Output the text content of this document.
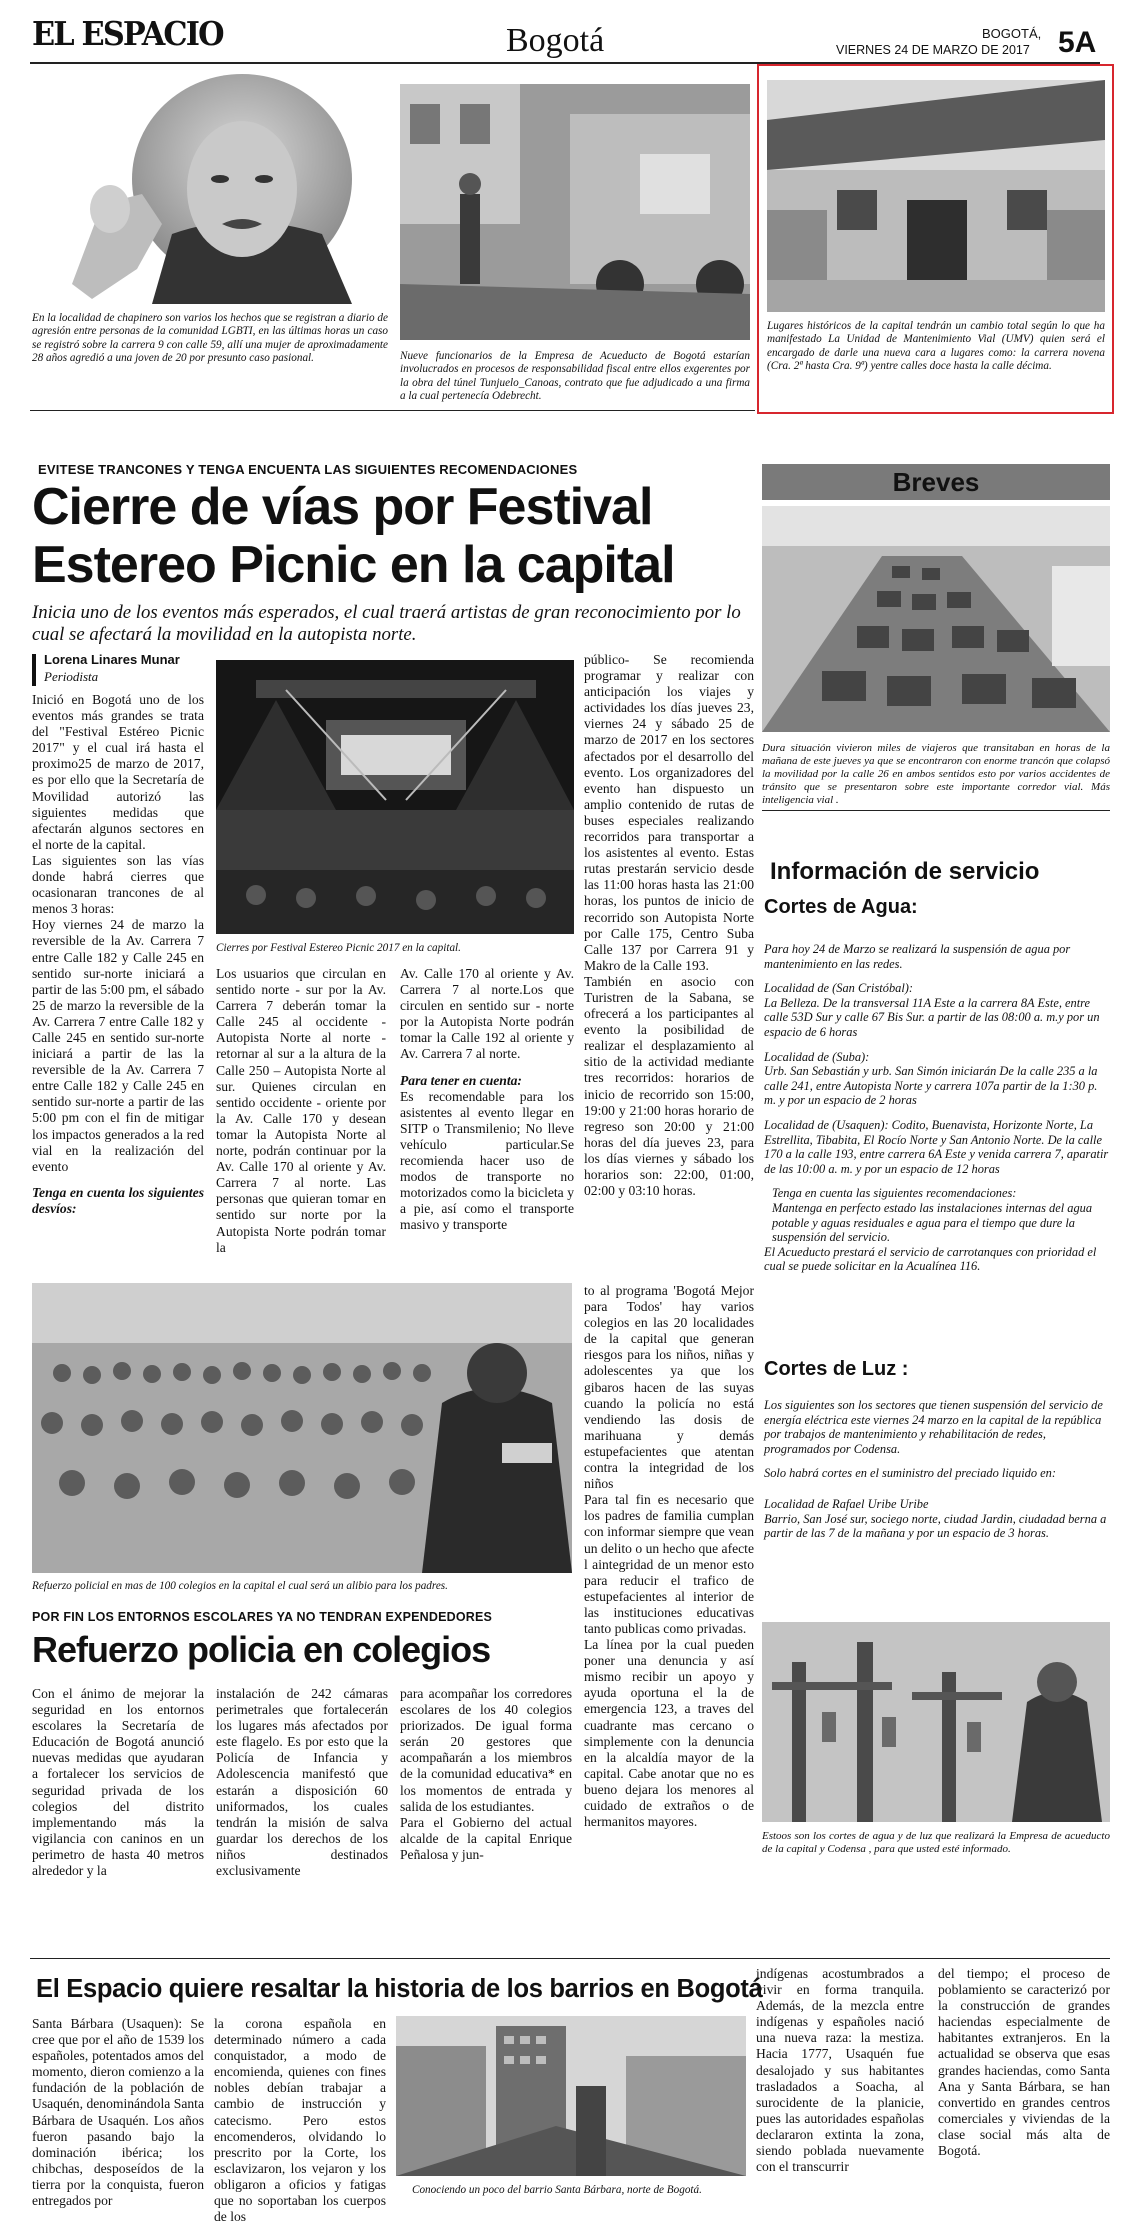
EL ESPACIO	Bogotá	BOGOTÁ,
VIERNES 24 DE MARZO DE 2017 5A
En la localidad de chapinero son varios los hechos que se registran a diario de agresión entre personas de la comunidad LGBTI, en las últimas horas un caso se registró sobre la carrera 9 con calle 59, allí una mujer de aproximadamente 28 años agredió a una joven de 20 por presunto caso pasional.	Nueve funcionarios de la Empresa de Acueducto de Bogotá estarían involucrados en procesos de responsabilidad fiscal entre ellos exgerentes por la obra del túnel Tunjuelo_Canoas, contrato que fue adjudicado a una firma a la cual pertenecía Odebrecht.
Lugares históricos de la capital tendrán un cambio total según lo que ha manifestado La Unidad de Mantenimiento Vial (UMV) quien será el encargado de darle una nueva cara a lugares como: la carrera novena (Cra. 2ª hasta Cra. 9ª) yentre calles doce hasta la calle décima.
EVITESE TRANCONES Y TENGA ENCUENTA LAS SIGUIENTES RECOMENDACIONES
Cierre de vías por Festival
Estereo Picnic en la capital
Inicia uno de los eventos más esperados, el cual traerá artistas de gran reconocimiento por lo cual se afectará la movilidad en la autopista norte.
Lorena Linares Munar
Periodista

Inició en Bogotá uno de los eventos más grandes se trata del "Festival Estéreo Picnic 2017" y el cual irá hasta el proximo25 de marzo de 2017, es por ello que la Secretaría de Movilidad autorizó las siguientes medidas que afectarán algunos sectores en el norte de la capital.

Las siguientes son las vías donde habrá cierres que ocasionaran trancones de al menos 3 horas:

Hoy viernes 24 de marzo la reversible de la Av. Carrera 7 entre Calle 182 y Calle 245 en sentido sur-norte iniciará a partir de las 5:00 pm, el sábado 25 de marzo la reversible de la Av. Carrera 7 entre Calle 182 y Calle 245 en sentido sur-norte iniciará a partir de las la reversible de la Av. Carrera 7 entre Calle 182 y Calle 245 en sentido sur-norte a partir de las 5:00 pm con el fin de mitigar los impactos generados a la red vial en la realización del evento

Tenga en cuenta los siguientes desvíos:

Cierres por Festival Estereo Picnic 2017 en la capital.

Los usuarios que circulan en sentido norte - sur por la Av. Carrera 7 deberán tomar la Calle 245 al occidente - Autopista Norte al norte - retornar al sur a la altura de la Calle 250 – Autopista Norte al sur. Quienes circulan en sentido occidente - oriente por la Av. Calle 170 y desean tomar la Autopista Norte al norte, podrán continuar por la Av. Calle 170 al oriente y Av. Carrera 7 al norte. Las personas que quieran tomar en sentido sur norte por la Autopista Norte podrán tomar la

Av. Calle 170 al oriente y Av. Carrera 7 al norte.Los que circulen en sentido sur - norte por la Autopista Norte podrán tomar la Calle 192 al oriente y Av. Carrera 7 al norte.

Para tener en cuenta:

Es recomendable para los asistentes al evento llegar en SITP o Transmilenio; No lleve vehículo particular.Se recomienda hacer uso de modos de transporte no motorizados como la bicicleta y a pie, así como el transporte masivo y transporte

público- Se recomienda programar y realizar con anticipación los viajes y actividades los días jueves 23, viernes 24 y sábado 25 de marzo de 2017 en los sectores afectados por el desarrollo del evento. Los organizadores del evento han dispuesto un amplio contenido de rutas de buses especiales realizando recorridos para transportar a los asistentes al evento. Estas rutas prestarán servicio desde las 11:00 horas hasta las 21:00 horas, los puntos de inicio de recorrido son Autopista Norte por Calle 175, Centro Suba Calle 137 por Carrera 91 y Makro de la Calle 193.

También en asocio con Turistren de la Sabana, se ofrecerá a los participantes al evento la posibilidad de realizar el desplazamiento al sitio de la actividad mediante tres recorridos: horarios de inicio de recorrido son 15:00, 19:00 y 21:00 horas horario de regreso son 20:00 y 21:00 horas del día jueves 23, para los días viernes y sábado los horarios son: 22:00, 01:00, 02:00 y 03:10 horas.

Refuerzo policial en mas de 100 colegios en la capital el cual será un alibio para los padres.
POR FIN LOS ENTORNOS ESCOLARES YA NO TENDRAN EXPENDEDORES
Refuerzo policia en colegios

Con el ánimo de mejorar la seguridad en los entornos escolares la Secretaría de Educación de Bogotá anunció nuevas medidas que ayudaran a fortalecer los servicios de seguridad privada de los colegios del distrito implementando más la vigilancia con caninos en un perimetro de hasta 40 metros alrededor y la

instalación de 242 cámaras perimetrales que fortalecerán los lugares más afectados por este flagelo. Es por esto que la Policía de Infancia y Adolescencia manifestó que estarán a disposición 60 uniformados, los cuales tendrán la misión de salva guardar los derechos de los niños destinados exclusivamente

para acompañar los corredores escolares de los 40 colegios priorizados. De igual forma serán 20 gestores que acompañarán a los miembros de la comunidad educativa* en los momentos de entrada y salida de los estudiantes.

Para el Gobierno del actual alcalde de la capital Enrique Peñalosa y jun-

to al programa 'Bogotá Mejor para Todos' hay varios colegios en las 20 localidades de la capital que generan riesgos para los niños, niñas y adolescentes ya que los gibaros hacen de las suyas cuando la policía no está vendiendo las dosis de marihuana y demás estupefacientes que atentan contra la integridad de los niños

Para tal fin es necesario que los padres de familia cumplan con informar siempre que vean un delito o un hecho que afecte l aintegridad de un menor esto para reducir el trafico de estupefacientes al interior de las instituciones educativas tanto publicas como privadas.

La línea por la cual pueden poner una denuncia y así mismo recibir un apoyo y ayuda oportuna el la de emergencia 123, a traves del cuadrante mas cercano o simplemente con la denuncia en la alcaldía mayor de la capital. Cabe anotar que no es bueno dejara los menores al cuidado de extraños o de hermanitos mayores.

Breves
Dura situación vivieron miles de viajeros que transitaban en horas de la mañana de este jueves ya que se encontraron con enorme trancón que colapsó la movilidad por la calle 26 en ambos sentidos esto por varios accidentes de tránsito que se presentaron sobre este importante corredor vial. Más inteligencia vial .
Información de servicio
Cortes de Agua:

Para hoy 24 de Marzo se realizará la suspensión de agua por mantenimiento en las redes.

Localidad de (San Cristóbal):

La Belleza. De la transversal 11A Este a la carrera 8A Este, entre calle 53D Sur y calle 67 Bis Sur. a partir de las 08:00 a. m.y por un espacio de 6 horas

Localidad de (Suba):

Urb. San Sebastián y urb. San Simón iniciarán De la calle 235 a la calle 241, entre Autopista Norte y carrera 107a partir de la 1:30 p. m. y por un espacio de 2 horas

Localidad de (Usaquen): Codito, Buenavista, Horizonte Norte, La Estrellita, Tibabita, El Rocío Norte y San Antonio Norte. De la calle 170 a la calle 193, entre carrera 6A Este y venida carrera 7, aparatir de las 10:00 a. m. y por un espacio de 12 horas

Tenga en cuenta las siguientes recomendaciones:

Mantenga en perfecto estado las instalaciones internas del agua potable y aguas residuales e agua para el tiempo que dure la suspensión del servicio.

El Acueducto prestará el servicio de carrotanques con prioridad el cual se puede solicitar en la Acualínea 116.

Cortes de Luz :

Los siguientes son los sectores que tienen suspensión del servicio de energía eléctrica este viernes 24 marzo en la capital de la república por trabajos de mantenimiento y rehabilitación de redes, programados por Codensa.

Solo habrá cortes en el suministro del preciado liquido en:

Localidad de Rafael Uribe Uribe

Barrio, San José sur, sociego norte, ciudad Jardin, ciudadad berna a partir de las 7 de la mañana y por un espacio de 3 horas.

Estoos son los cortes de agua y de luz que realizará la Empresa de acueducto de la capital y Codensa , para que usted esté informado.
El Espacio quiere resaltar la historia de los barrios en Bogotá

Santa Bárbara (Usaquen): Se cree que por el año de 1539 los españoles, potentados amos del momento, dieron comienzo a la fundación de la población de Usaquén, denominándola Santa Bárbara de Usaquén. Los años fueron pasando bajo la dominación ibérica; los chibchas, desposeídos de la tierra por la conquista, fueron entregados por

la corona española en determinado número a cada conquistador, a modo de encomienda, quienes con fines nobles debían trabajar a cambio de instrucción y catecismo. Pero estos encomenderos, olvidando lo prescrito por la Corte, los esclavizaron, los vejaron y los obligaron a oficios y fatigas que no soportaban los cuerpos de los

Conociendo un poco del barrio Santa Bárbara, norte de Bogotá.

indígenas acostumbrados a vivir en forma tranquila. Además, de la mezcla entre indígenas y españoles nació una nueva raza: la mestiza. Hacia 1777, Usaquén fue desalojado y sus habitantes trasladados a Soacha, al surocidente de la planicie, pues las autoridades españolas declararon extinta la zona, siendo poblada nuevamente con el transcurrir

del tiempo; el proceso de poblamiento se caracterizó por la construcción de grandes haciendas especialmente de habitantes extranjeros. En la actualidad se observa que esas grandes haciendas, como Santa Ana y Santa Bárbara, se han convertido en grandes centros comerciales y viviendas de la clase social más alta de Bogotá.
